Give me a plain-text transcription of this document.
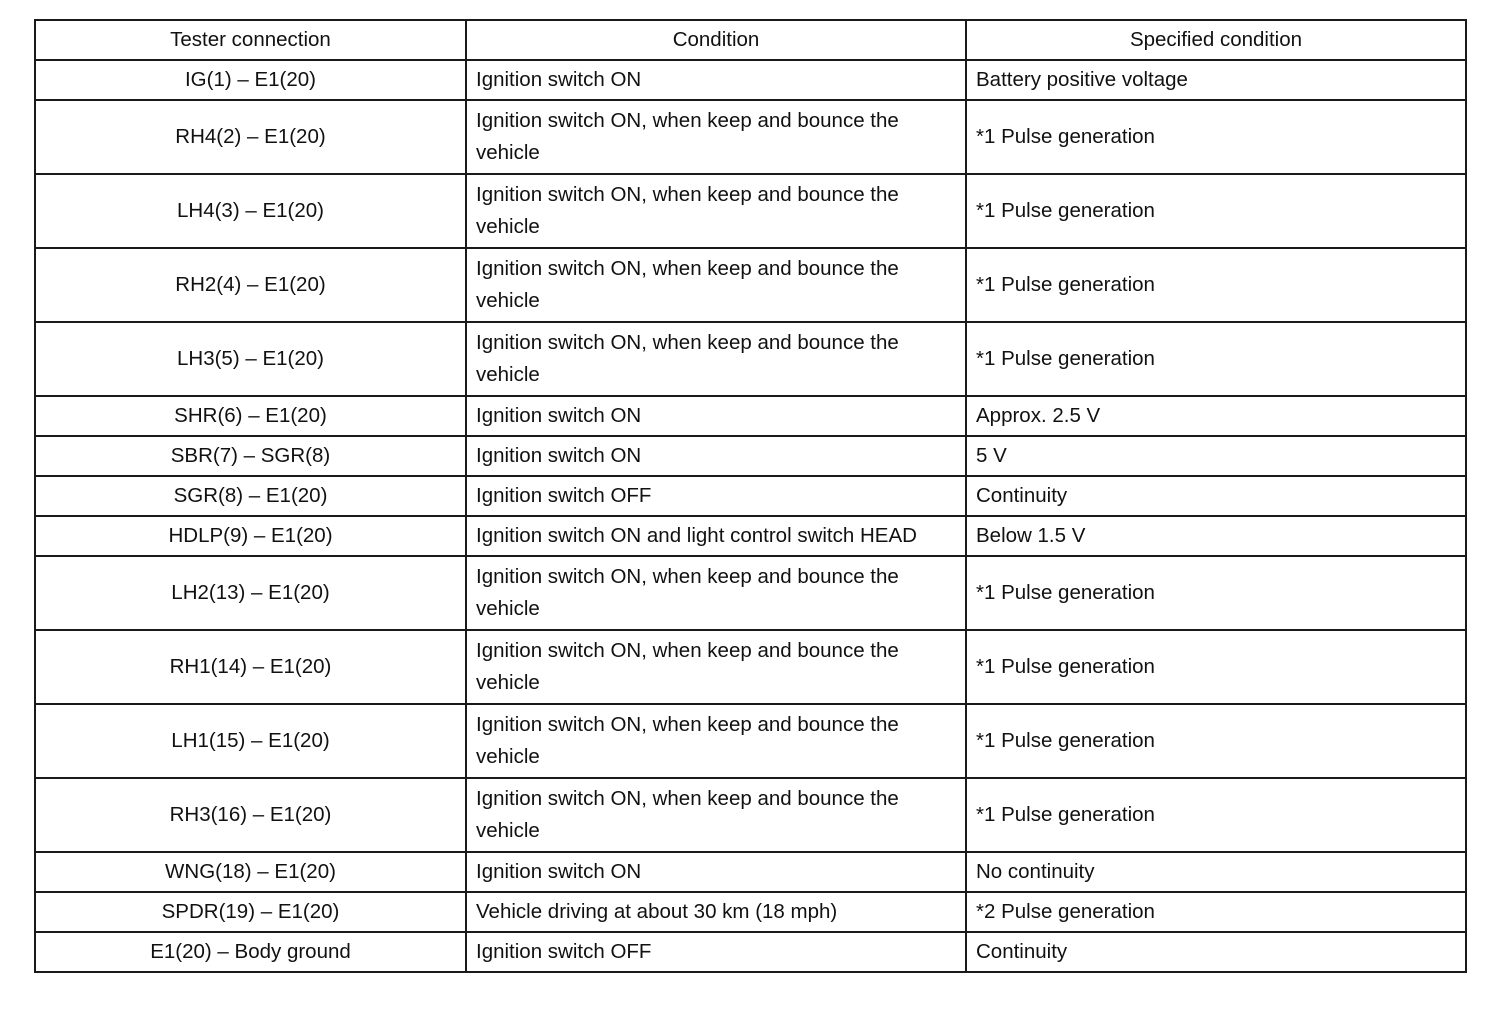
Tester connection	Condition	Specified condition
IG(1) – E1(20)	Ignition switch ON	Battery positive voltage
RH4(2) – E1(20)	Ignition switch ON, when keep and bounce the vehicle	*1 Pulse generation
LH4(3) – E1(20)	Ignition switch ON, when keep and bounce the vehicle	*1 Pulse generation
RH2(4) – E1(20)	Ignition switch ON, when keep and bounce the vehicle	*1 Pulse generation
LH3(5) – E1(20)	Ignition switch ON, when keep and bounce the vehicle	*1 Pulse generation
SHR(6) – E1(20)	Ignition switch ON	Approx. 2.5 V
SBR(7) – SGR(8)	Ignition switch ON	5 V
SGR(8) – E1(20)	Ignition switch OFF	Continuity
HDLP(9) – E1(20)	Ignition switch ON and light control switch HEAD	Below 1.5 V
LH2(13) – E1(20)	Ignition switch ON, when keep and bounce the vehicle	*1 Pulse generation
RH1(14) – E1(20)	Ignition switch ON, when keep and bounce the vehicle	*1 Pulse generation
LH1(15) – E1(20)	Ignition switch ON, when keep and bounce the vehicle	*1 Pulse generation
RH3(16) – E1(20)	Ignition switch ON, when keep and bounce the vehicle	*1 Pulse generation
WNG(18) – E1(20)	Ignition switch ON	No continuity
SPDR(19) – E1(20)	Vehicle driving at about 30 km (18 mph)	*2 Pulse generation
E1(20) – Body ground	Ignition switch OFF	Continuity
